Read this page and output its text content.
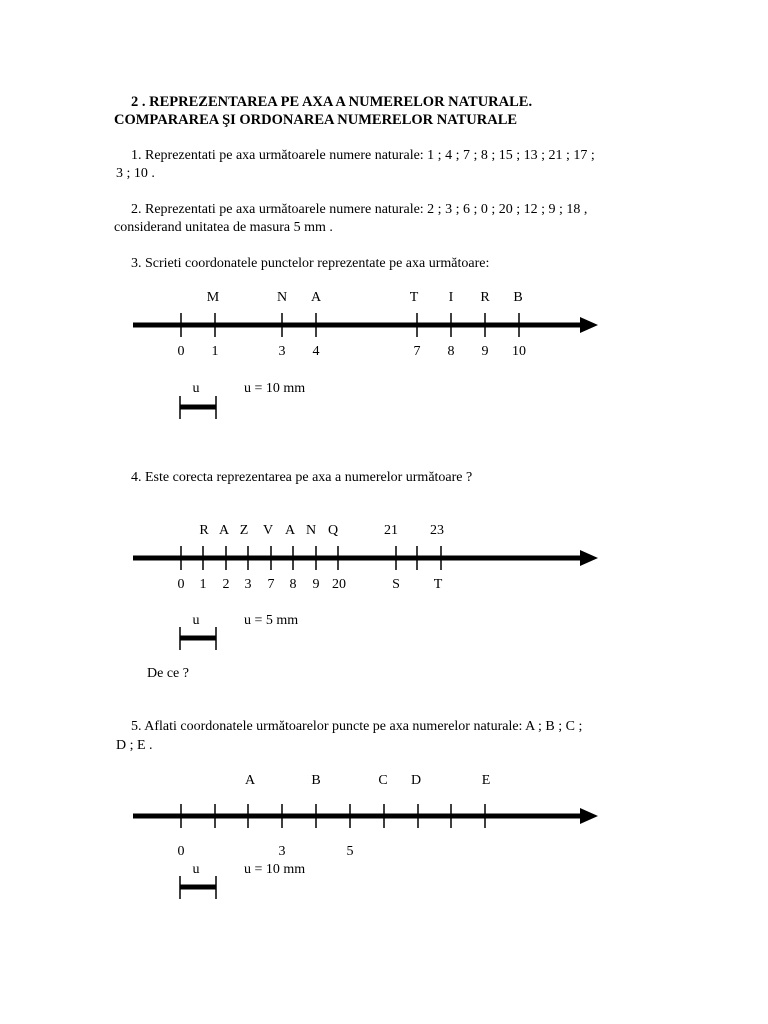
2 . REPREZENTAREA PE AXA A NUMERELOR NATURALE.
COMPARAREA ŞI ORDONAREA NUMERELOR NATURALE
1. Reprezentati pe axa următoarele numere naturale: 1 ; 4 ; 7 ; 8 ; 15 ; 13 ; 21 ; 17 ;
3 ; 10 .
2. Reprezentati pe axa următoarele numere naturale: 2 ; 3 ; 6 ; 0 ; 20 ; 12 ; 9 ; 18 ,
considerand unitatea de masura 5 mm .
3. Scrieti coordonatele punctelor reprezentate pe axa următoare:
M	N A	T I R B
0 1	3 4	7 8 9 10
u	u = 10 mm
4. Este corecta reprezentarea pe axa a numerelor următoare ?
R A Z V A N Q	21 23
0 1 2 3 7 8 9 20	S T
u	u = 5 mm
De ce ?
5. Aflati coordonatele următoarelor puncte pe axa numerelor naturale: A ; B ; C ;
D ; E .
A	B	C D	E
0	3	5
u	u = 10 mm
